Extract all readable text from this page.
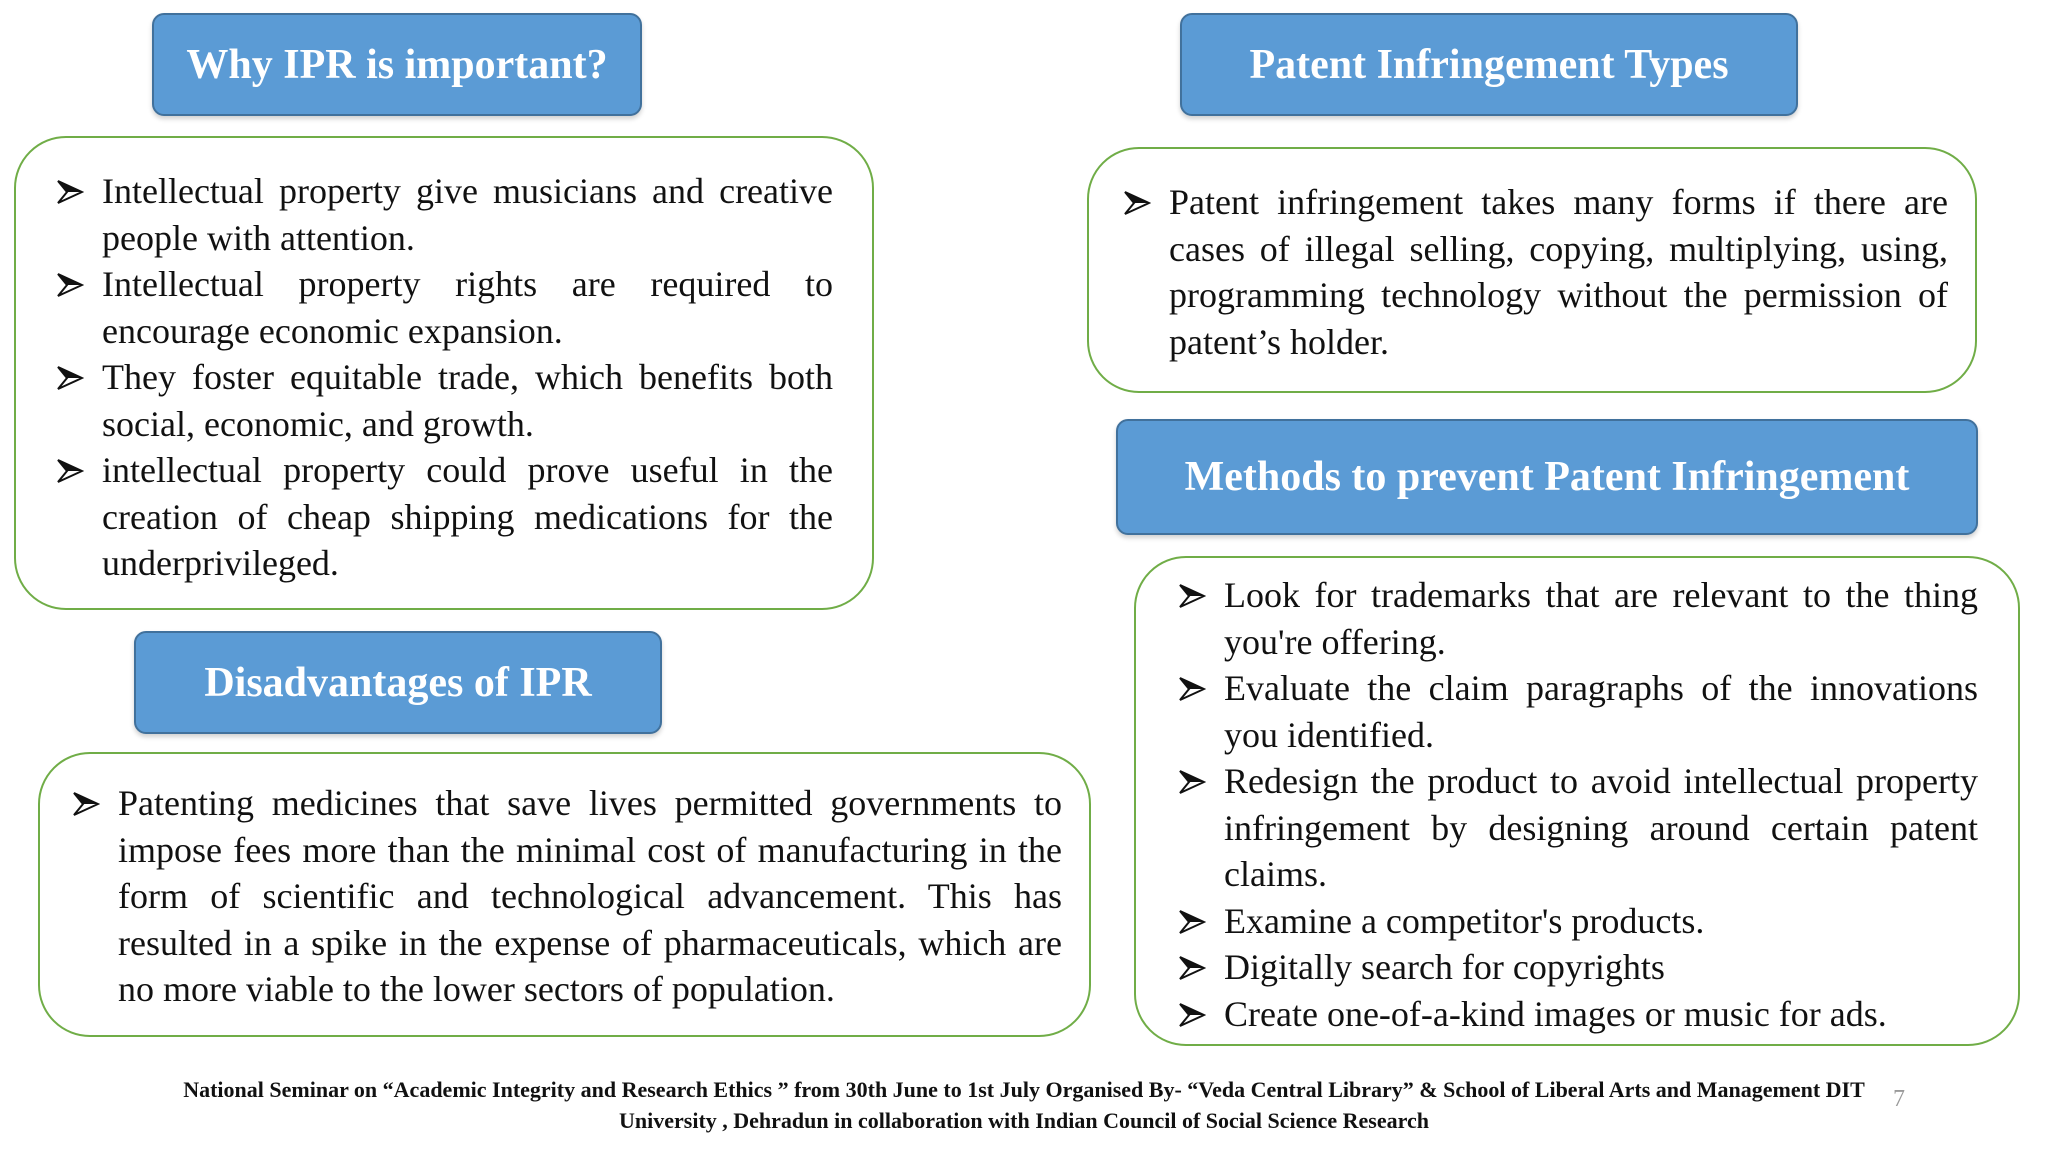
Why IPR is important?
Intellectual property give musicians and creative people with attention.
Intellectual property rights are required to encourage economic expansion.
They foster equitable trade, which benefits both social, economic, and growth.
intellectual property could prove useful in the creation of cheap shipping medications for the underprivileged.
Disadvantages of IPR
Patenting medicines that save lives permitted governments to impose fees more than the minimal cost of manufacturing in the form of scientific and technological advancement. This has resulted in a spike in the expense of pharmaceuticals, which are no more viable to the lower sectors of population.
Patent Infringement Types
Patent infringement takes many forms if there are cases of illegal selling, copying, multiplying, using, programming technology without the permission of patent’s holder.
Methods to prevent Patent Infringement
Look for trademarks that are relevant to the thing you're offering.
Evaluate the claim paragraphs of the innovations you identified.
Redesign the product to avoid intellectual property infringement by designing around certain patent claims.
Examine a competitor's products.
Digitally search for copyrights
Create one-of-a-kind images or music for ads.
National Seminar on “Academic Integrity and Research Ethics ” from 30th June to 1st July Organised By- “Veda Central Library” & School of Liberal Arts and Management DIT
University , Dehradun in collaboration with Indian Council of Social Science Research
7
